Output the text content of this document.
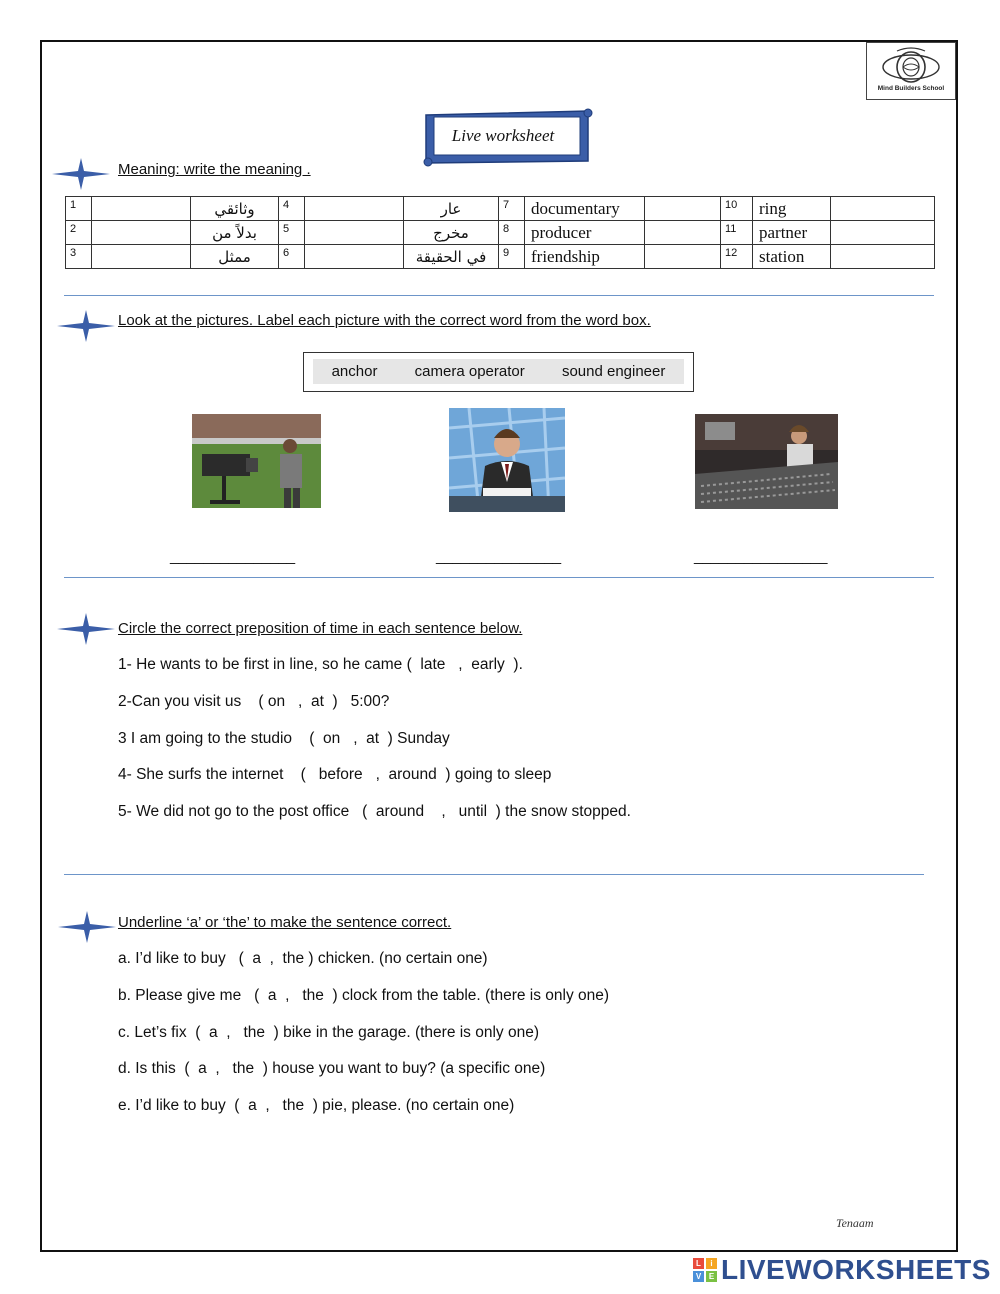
Mind Builders School
Live worksheet
Meaning: write the meaning .
1		وثائقي	4		عار	7	documentary		10	ring	
2		بدلاً من	5		مخرج	8	producer		11	partner	
3		ممثل	6		في الحقيقة	9	friendship		12	station	
Look at the pictures. Label each picture with the correct word from the word box.
anchor camera operator sound engineer
_______________	_______________	________________
Circle the correct preposition of time in each sentence below.
1- He wants to be first in line, so he came (  late   ,  early  ).
2-Can you visit us    ( on   ,  at  )   5:00?
3 I am going to the studio    (  on   ,  at  ) Sunday
4- She surfs the internet    (   before   ,  around  ) going to sleep
5- We did not go to the post office   (  around    ,   until  ) the snow stopped.
Underline ‘a’ or ‘the’ to make the sentence correct.
a. I’d like to buy   (  a  ,  the ) chicken. (no certain one)
b. Please give me   (  a  ,   the  ) clock from the table. (there is only one)
c. Let’s fix  (  a  ,   the  ) bike in the garage. (there is only one)
d. Is this  (  a  ,   the  ) house you want to buy? (a specific one)
e. I’d like to buy  (  a  ,   the  ) pie, please. (no certain one)
Tenaam
L	i
V E LIVEWORKSHEETS
